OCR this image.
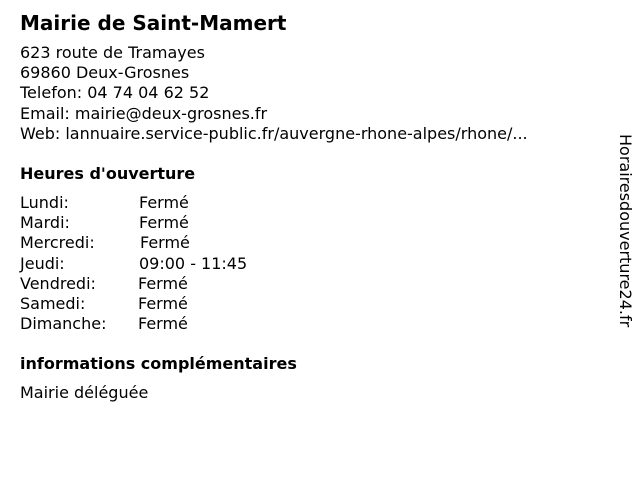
Mairie de Saint-Mamert
623 route de Tramayes
69860 Deux-Grosnes
Telefon: 04 74 04 62 52
Email: mairie@deux-grosnes.fr
Web: lannuaire.service-public.fr/auvergne-rhone-alpes/rhone/...
Heures d'ouverture
Lundi:	Fermé
Mardi:	Fermé
Mercredi:	Fermé
Jeudi:	09:00 - 11:45
Vendredi:	Fermé
Samedi:	Fermé
Dimanche: Fermé
informations complémentaires
Mairie déléguée
Horairesdouverture24.fr
